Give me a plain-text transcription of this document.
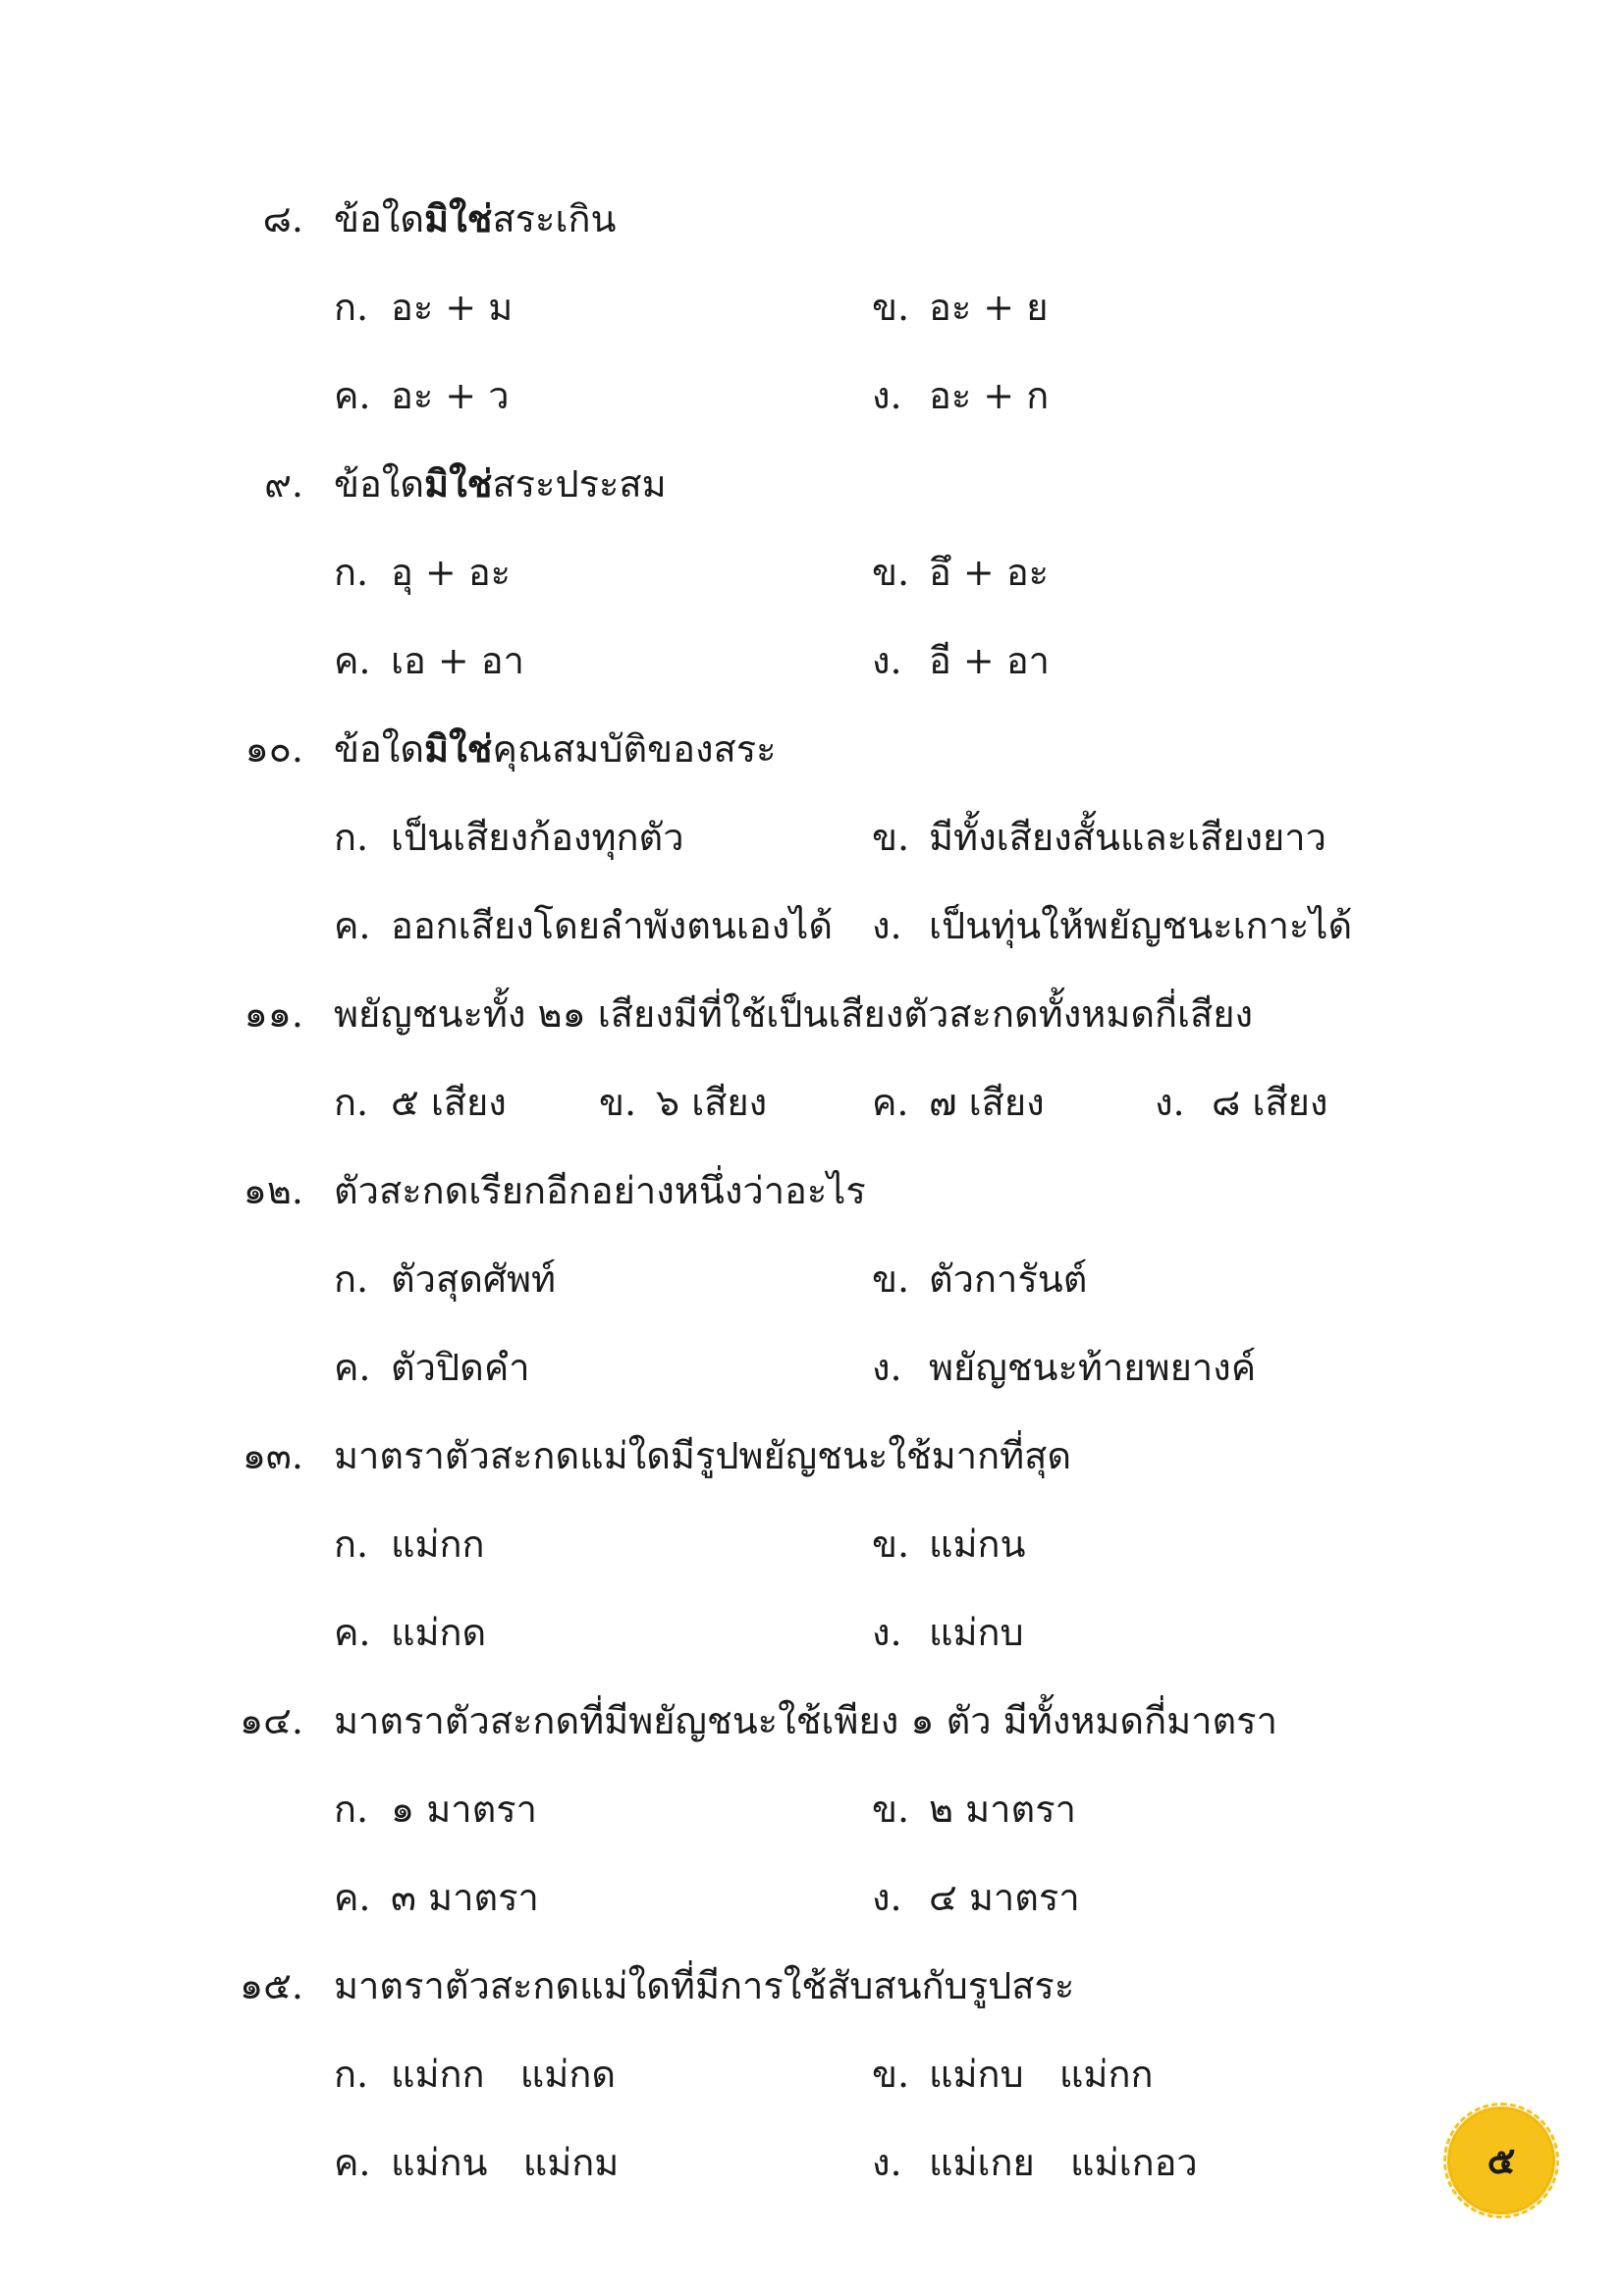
๘. ข้อใดมิใช่สระเกิน
ก. อะ + ม	ข. อะ + ย
ค. อะ + ว	ง. อะ + ก
๙. ข้อใดมิใช่สระประสม
ก. อุ + อะ	ข. อึ + อะ
ค. เอ + อา	ง. อี + อา
๑๐. ข้อใดมิใช่คุณสมบัติของสระ
ก. เป็นเสียงก้องทุกตัว	ข. มีทั้งเสียงสั้นและเสียงยาว
ค. ออกเสียงโดยลำพังตนเองได้ ง. เป็นทุ่นให้พยัญชนะเกาะได้
๑๑. พยัญชนะทั้ง ๒๑ เสียงมีที่ใช้เป็นเสียงตัวสะกดทั้งหมดกี่เสียง
ก. ๕ เสียง ข. ๖ เสียง	ค. ๗ เสียง	ง. ๘ เสียง
๑๒. ตัวสะกดเรียกอีกอย่างหนึ่งว่าอะไร
ก. ตัวสุดศัพท์	ข. ตัวการันต์
ค. ตัวปิดคำ	ง. พยัญชนะท้ายพยางค์
๑๓. มาตราตัวสะกดแม่ใดมีรูปพยัญชนะใช้มากที่สุด
ก. แม่กก	ข. แม่กน
ค. แม่กด	ง. แม่กบ
๑๔. มาตราตัวสะกดที่มีพยัญชนะใช้เพียง ๑ ตัว มีทั้งหมดกี่มาตรา
ก. ๑ มาตรา	ข. ๒ มาตรา
ค. ๓ มาตรา	ง. ๔ มาตรา
๑๕. มาตราตัวสะกดแม่ใดที่มีการใช้สับสนกับรูปสระ
ก. แม่กก   แม่กด	ข. แม่กบ   แม่กก
ค. แม่กน   แม่กม	ง. แม่เกย   แม่เกอว	๕
